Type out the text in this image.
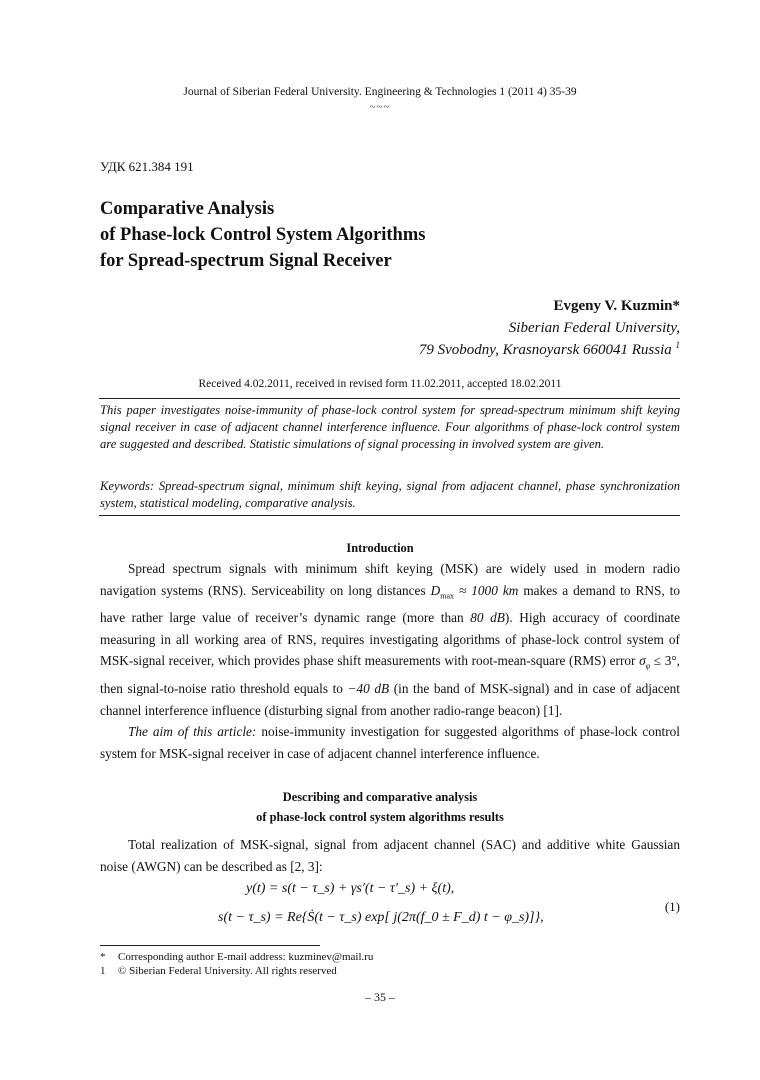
Journal of Siberian Federal University. Engineering & Technologies 1 (2011 4) 35-39
~~~
УДК 621.384 191
Comparative Analysis
of Phase-lock Control System Algorithms
for Spread-spectrum Signal Receiver
Evgeny V. Kuzmin*
Siberian Federal University,
79 Svobodny, Krasnoyarsk 660041 Russia $^1$
Received 4.02.2011, received in revised form 11.02.2011, accepted 18.02.2011
This paper investigates noise-immunity of phase-lock control system for spread-spectrum minimum shift keying signal receiver in case of adjacent channel interference influence. Four algorithms of phase-lock control system are suggested and described. Statistic simulations of signal processing in involved system are given.
Keywords: Spread-spectrum signal, minimum shift keying, signal from adjacent channel, phase synchronization system, statistical modeling, comparative analysis.
Introduction

Spread spectrum signals with minimum shift keying (MSK) are widely used in modern radio navigation systems (RNS). Serviceability on long distances $D_{max} \approx 1000$ km makes a demand to RNS, to have rather large value of receiver’s dynamic range (more than 80 dB). High accuracy of coordinate measuring in all working area of RNS, requires investigating algorithms of phase-lock control system of MSK-signal receiver, which provides phase shift measurements with root-mean-square (RMS) error $\sigma_\varphi \le 3^\circ$, then signal-to-noise ratio threshold equals to −40 dB (in the band of MSK-signal) and in case of adjacent channel interference influence (disturbing signal from another radio-range beacon) [1].

The aim of this article: noise-immunity investigation for suggested algorithms of phase-lock control system for MSK-signal receiver in case of adjacent channel interference influence.

Describing and comparative analysis
of phase-lock control system algorithms results

Total realization of MSK-signal, signal from adjacent channel (SAC) and additive white Gaussian noise (AWGN) can be described as [2, 3]:

y(t) = s(t − τ_s) + γs′(t − τ′_s) + ξ(t),
s(t − τ_s) = Re{Ṡ(t − τ_s) exp[ j(2π(f_0 ± F_d) t − φ_s)]},
(1)
* Corresponding author E-mail address: kuzminev@mail.ru
1 © Siberian Federal University. All rights reserved
– 35 –
